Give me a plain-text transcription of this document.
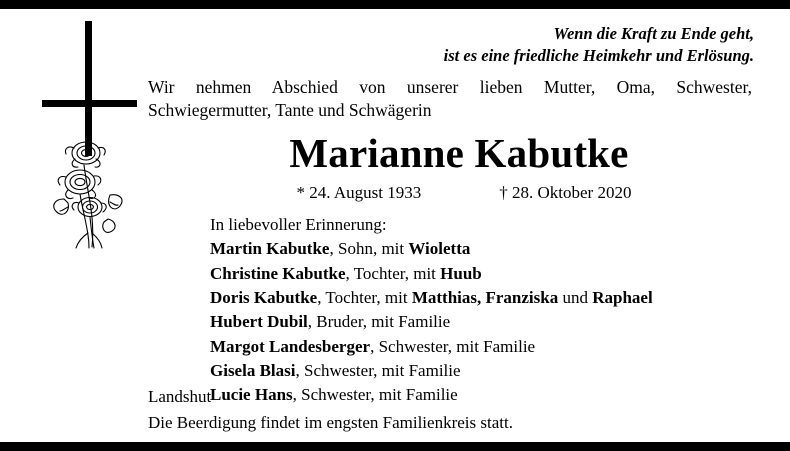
Wenn die Kraft zu Ende geht,
ist es eine friedliche Heimkehr und Erlösung.
Wir nehmen Abschied von unserer lieben Mutter, Oma, Schwester,
Schwiegermutter, Tante und Schwägerin
Marianne Kabutke
* 24. August 1933	† 28. Oktober 2020
In liebevoller Erinnerung:
Martin Kabutke, Sohn, mit Wioletta
Christine Kabutke, Tochter, mit Huub
Doris Kabutke, Tochter, mit Matthias, Franziska und Raphael
Hubert Dubil, Bruder, mit Familie
Margot Landesberger, Schwester, mit Familie
Gisela Blasi, Schwester, mit Familie
Lucie Hans, Schwester, mit Familie
Landshut
Die Beerdigung findet im engsten Familienkreis statt.
